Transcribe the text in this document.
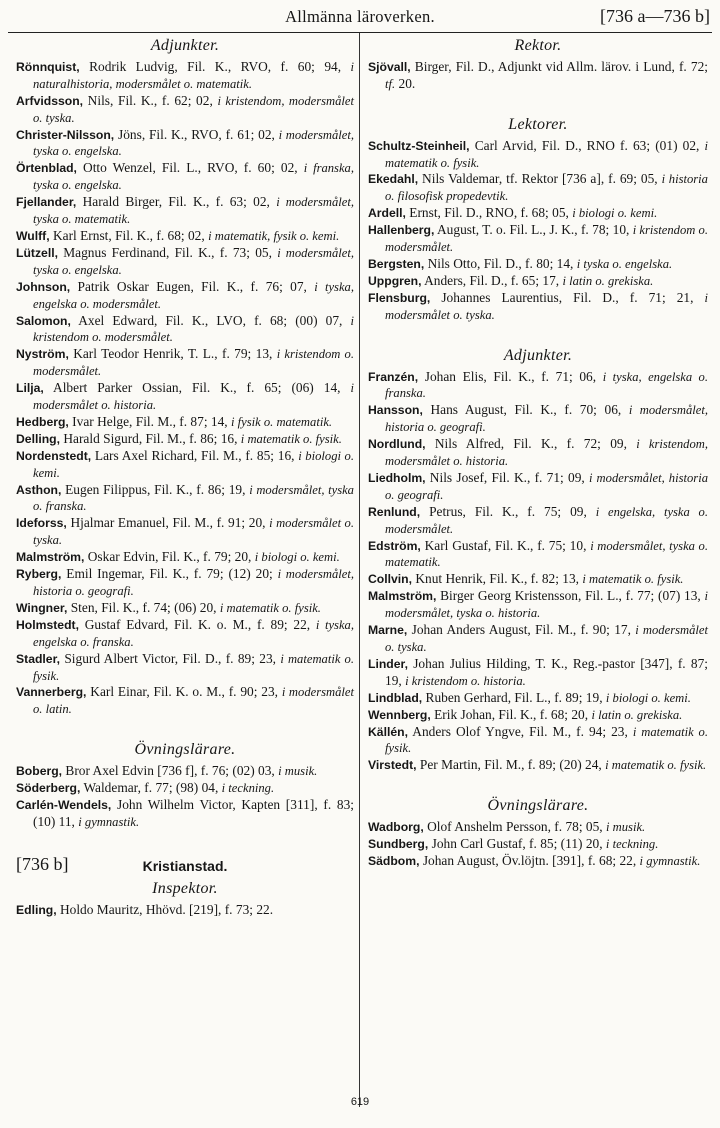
Allmänna läroverken.	[736 a—736 b]
Adjunkter.
Rönnquist, Rodrik Ludvig, Fil. K., RVO, f. 60; 94, i naturalhistoria, modersmålet o. matematik.
Arfvidsson, Nils, Fil. K., f. 62; 02, i kristendom, modersmålet o. tyska.
Christer-Nilsson, Jöns, Fil. K., RVO, f. 61; 02, i modersmålet, tyska o. engelska.
Örtenblad, Otto Wenzel, Fil. L., RVO, f. 60; 02, i franska, tyska o. engelska.
Fjellander, Harald Birger, Fil. K., f. 63; 02, i modersmålet, tyska o. matematik.
Wulff, Karl Ernst, Fil. K., f. 68; 02, i matematik, fysik o. kemi.
Lützell, Magnus Ferdinand, Fil. K., f. 73; 05, i modersmålet, tyska o. engelska.
Johnson, Patrik Oskar Eugen, Fil. K., f. 76; 07, i tyska, engelska o. modersmålet.
Salomon, Axel Edward, Fil. K., LVO, f. 68; (00) 07, i kristendom o. modersmålet.
Nyström, Karl Teodor Henrik, T. L., f. 79; 13, i kristendom o. modersmålet.
Lilja, Albert Parker Ossian, Fil. K., f. 65; (06) 14, i modersmålet o. historia.
Hedberg, Ivar Helge, Fil. M., f. 87; 14, i fysik o. matematik.
Delling, Harald Sigurd, Fil. M., f. 86; 16, i matematik o. fysik.
Nordenstedt, Lars Axel Richard, Fil. M., f. 85; 16, i biologi o. kemi.
Asthon, Eugen Filippus, Fil. K., f. 86; 19, i modersmålet, tyska o. franska.
Ideforss, Hjalmar Emanuel, Fil. M., f. 91; 20, i modersmålet o. tyska.
Malmström, Oskar Edvin, Fil. K., f. 79; 20, i biologi o. kemi.
Ryberg, Emil Ingemar, Fil. K., f. 79; (12) 20; i modersmålet, historia o. geografi.
Wingner, Sten, Fil. K., f. 74; (06) 20, i matematik o. fysik.
Holmstedt, Gustaf Edvard, Fil. K. o. M., f. 89; 22, i tyska, engelska o. franska.
Stadler, Sigurd Albert Victor, Fil. D., f. 89; 23, i matematik o. fysik.
Vannerberg, Karl Einar, Fil. K. o. M., f. 90; 23, i modersmålet o. latin.
Övningslärare.
Boberg, Bror Axel Edvin [736 f], f. 76; (02) 03, i musik.
Söderberg, Waldemar, f. 77; (98) 04, i teckning.
Carlén-Wendels, John Wilhelm Victor, Kapten [311], f. 83; (10) 11, i gymnastik.
[736 b]	Kristianstad.
Inspektor.
Edling, Holdo Mauritz, Hhövd. [219], f. 73; 22.
Rektor.
Sjövall, Birger, Fil. D., Adjunkt vid Allm. lärov. i Lund, f. 72; tf. 20.
Lektorer.
Schultz-Steinheil, Carl Arvid, Fil. D., RNO f. 63; (01) 02, i matematik o. fysik.
Ekedahl, Nils Valdemar, tf. Rektor [736 a], f. 69; 05, i historia o. filosofisk propedevtik.
Ardell, Ernst, Fil. D., RNO, f. 68; 05, i biologi o. kemi.
Hallenberg, August, T. o. Fil. L., J. K., f. 78; 10, i kristendom o. modersmålet.
Bergsten, Nils Otto, Fil. D., f. 80; 14, i tyska o. engelska.
Uppgren, Anders, Fil. D., f. 65; 17, i latin o. grekiska.
Flensburg, Johannes Laurentius, Fil. D., f. 71; 21, i modersmålet o. tyska.
Adjunkter.
Franzén, Johan Elis, Fil. K., f. 71; 06, i tyska, engelska o. franska.
Hansson, Hans August, Fil. K., f. 70; 06, i modersmålet, historia o. geografi.
Nordlund, Nils Alfred, Fil. K., f. 72; 09, i kristendom, modersmålet o. historia.
Liedholm, Nils Josef, Fil. K., f. 71; 09, i modersmålet, historia o. geografi.
Renlund, Petrus, Fil. K., f. 75; 09, i engelska, tyska o. modersmålet.
Edström, Karl Gustaf, Fil. K., f. 75; 10, i modersmålet, tyska o. matematik.
Collvin, Knut Henrik, Fil. K., f. 82; 13, i matematik o. fysik.
Malmström, Birger Georg Kristensson, Fil. L., f. 77; (07) 13, i modersmålet, tyska o. historia.
Marne, Johan Anders August, Fil. M., f. 90; 17, i modersmålet o. tyska.
Linder, Johan Julius Hilding, T. K., Reg.-pastor [347], f. 87; 19, i kristendom o. historia.
Lindblad, Ruben Gerhard, Fil. L., f. 89; 19, i biologi o. kemi.
Wennberg, Erik Johan, Fil. K., f. 68; 20, i latin o. grekiska.
Källén, Anders Olof Yngve, Fil. M., f. 94; 23, i matematik o. fysik.
Virstedt, Per Martin, Fil. M., f. 89; (20) 24, i matematik o. fysik.
Övningslärare.
Wadborg, Olof Anshelm Persson, f. 78; 05, i musik.
Sundberg, John Carl Gustaf, f. 85; (11) 20, i teckning.
Sädbom, Johan August, Öv.löjtn. [391], f. 68; 22, i gymnastik.
619
